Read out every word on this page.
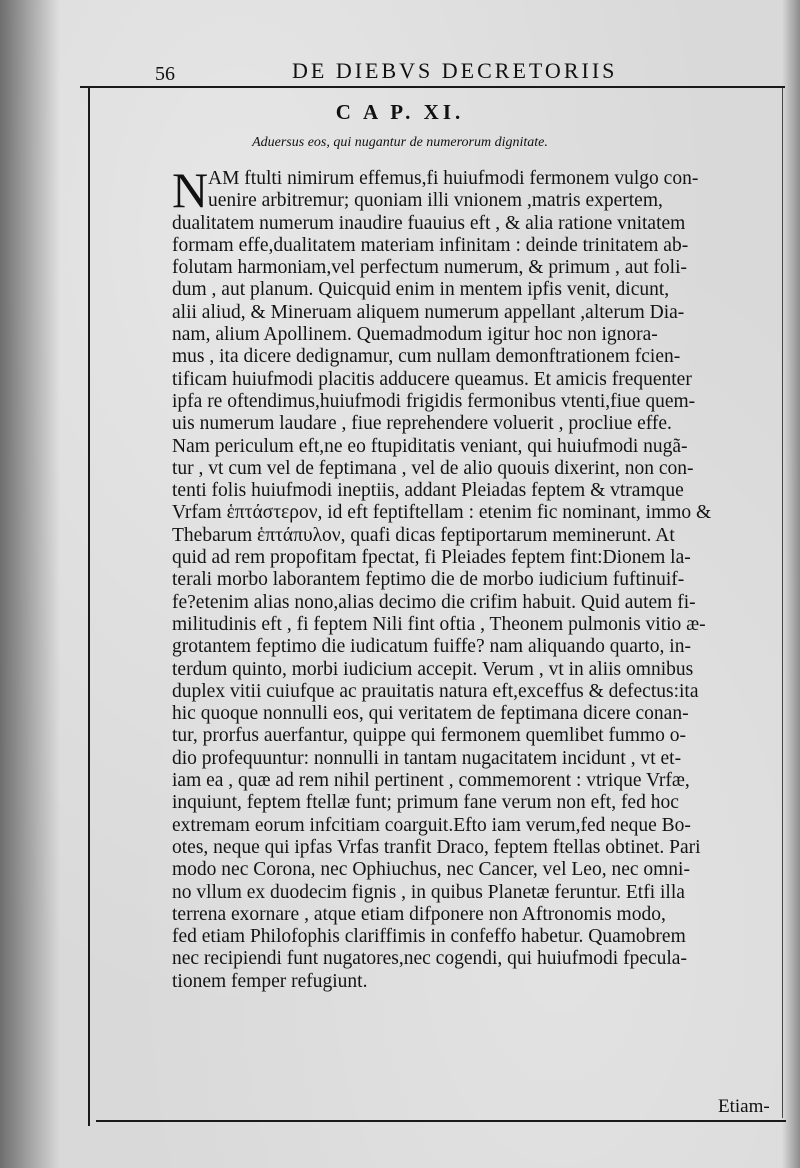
56	DE DIEBVS DECRETORIIS
C A P. XI.
Aduersus eos, qui nugantur de numerorum dignitate.
N AM ftulti nimirum effemus,fi huiufmodi fermonem vulgo con-
uenire arbitremur; quoniam illi vnionem ,matris expertem,
dualitatem numerum inaudire fuauius eft , & alia ratione vnitatem
formam effe,dualitatem materiam infinitam : deinde trinitatem ab-
folutam harmoniam,vel perfectum numerum, & primum , aut foli-
dum , aut planum. Quicquid enim in mentem ipfis venit, dicunt,
alii aliud, & Mineruam aliquem numerum appellant ,alterum Dia-
nam, alium Apollinem. Quemadmodum igitur hoc non ignora-
mus , ita dicere dedignamur, cum nullam demonftrationem fcien-
tificam huiufmodi placitis adducere queamus. Et amicis frequenter
ipfa re oftendimus,huiufmodi frigidis fermonibus vtenti,fiue quem-
uis numerum laudare , fiue reprehendere voluerit , procliue effe.
Nam periculum eft,ne eo ftupiditatis veniant, qui huiufmodi nugã-
tur , vt cum vel de feptimana , vel de alio quouis dixerint, non con-
tenti folis huiufmodi ineptiis, addant Pleiadas feptem & vtramque
Vrfam ἑπτάστερον, id eft feptiftellam : etenim fic nominant, immo &
Thebarum ἑπτάπυλον, quafi dicas feptiportarum meminerunt. At
quid ad rem propofitam fpectat, fi Pleiades feptem fint:Dionem la-
terali morbo laborantem feptimo die de morbo iudicium fuftinuif-
fe?etenim alias nono,alias decimo die crifim habuit. Quid autem fi-
militudinis eft , fi feptem Nili fint oftia , Theonem pulmonis vitio æ-
grotantem feptimo die iudicatum fuiffe? nam aliquando quarto, in-
terdum quinto, morbi iudicium accepit. Verum , vt in aliis omnibus
duplex vitii cuiufque ac prauitatis natura eft,exceffus & defectus:ita
hic quoque nonnulli eos, qui veritatem de feptimana dicere conan-
tur, prorfus auerfantur, quippe qui fermonem quemlibet fummo o-
dio profequuntur: nonnulli in tantam nugacitatem incidunt , vt et-
iam ea , quæ ad rem nihil pertinent , commemorent : vtrique Vrfæ,
inquiunt, feptem ftellæ funt; primum fane verum non eft, fed hoc
extremam eorum infcitiam coarguit.Efto iam verum,fed neque Bo-
otes, neque qui ipfas Vrfas tranfit Draco, feptem ftellas obtinet. Pari
modo nec Corona, nec Ophiuchus, nec Cancer, vel Leo, nec omni-
no vllum ex duodecim fignis , in quibus Planetæ feruntur. Etfi illa
terrena exornare , atque etiam difponere non Aftronomis modo,
fed etiam Philofophis clariffimis in confeffo habetur. Quamobrem
nec recipiendi funt nugatores,nec cogendi, qui huiufmodi fpecula-
tionem femper refugiunt.
Etiam-
